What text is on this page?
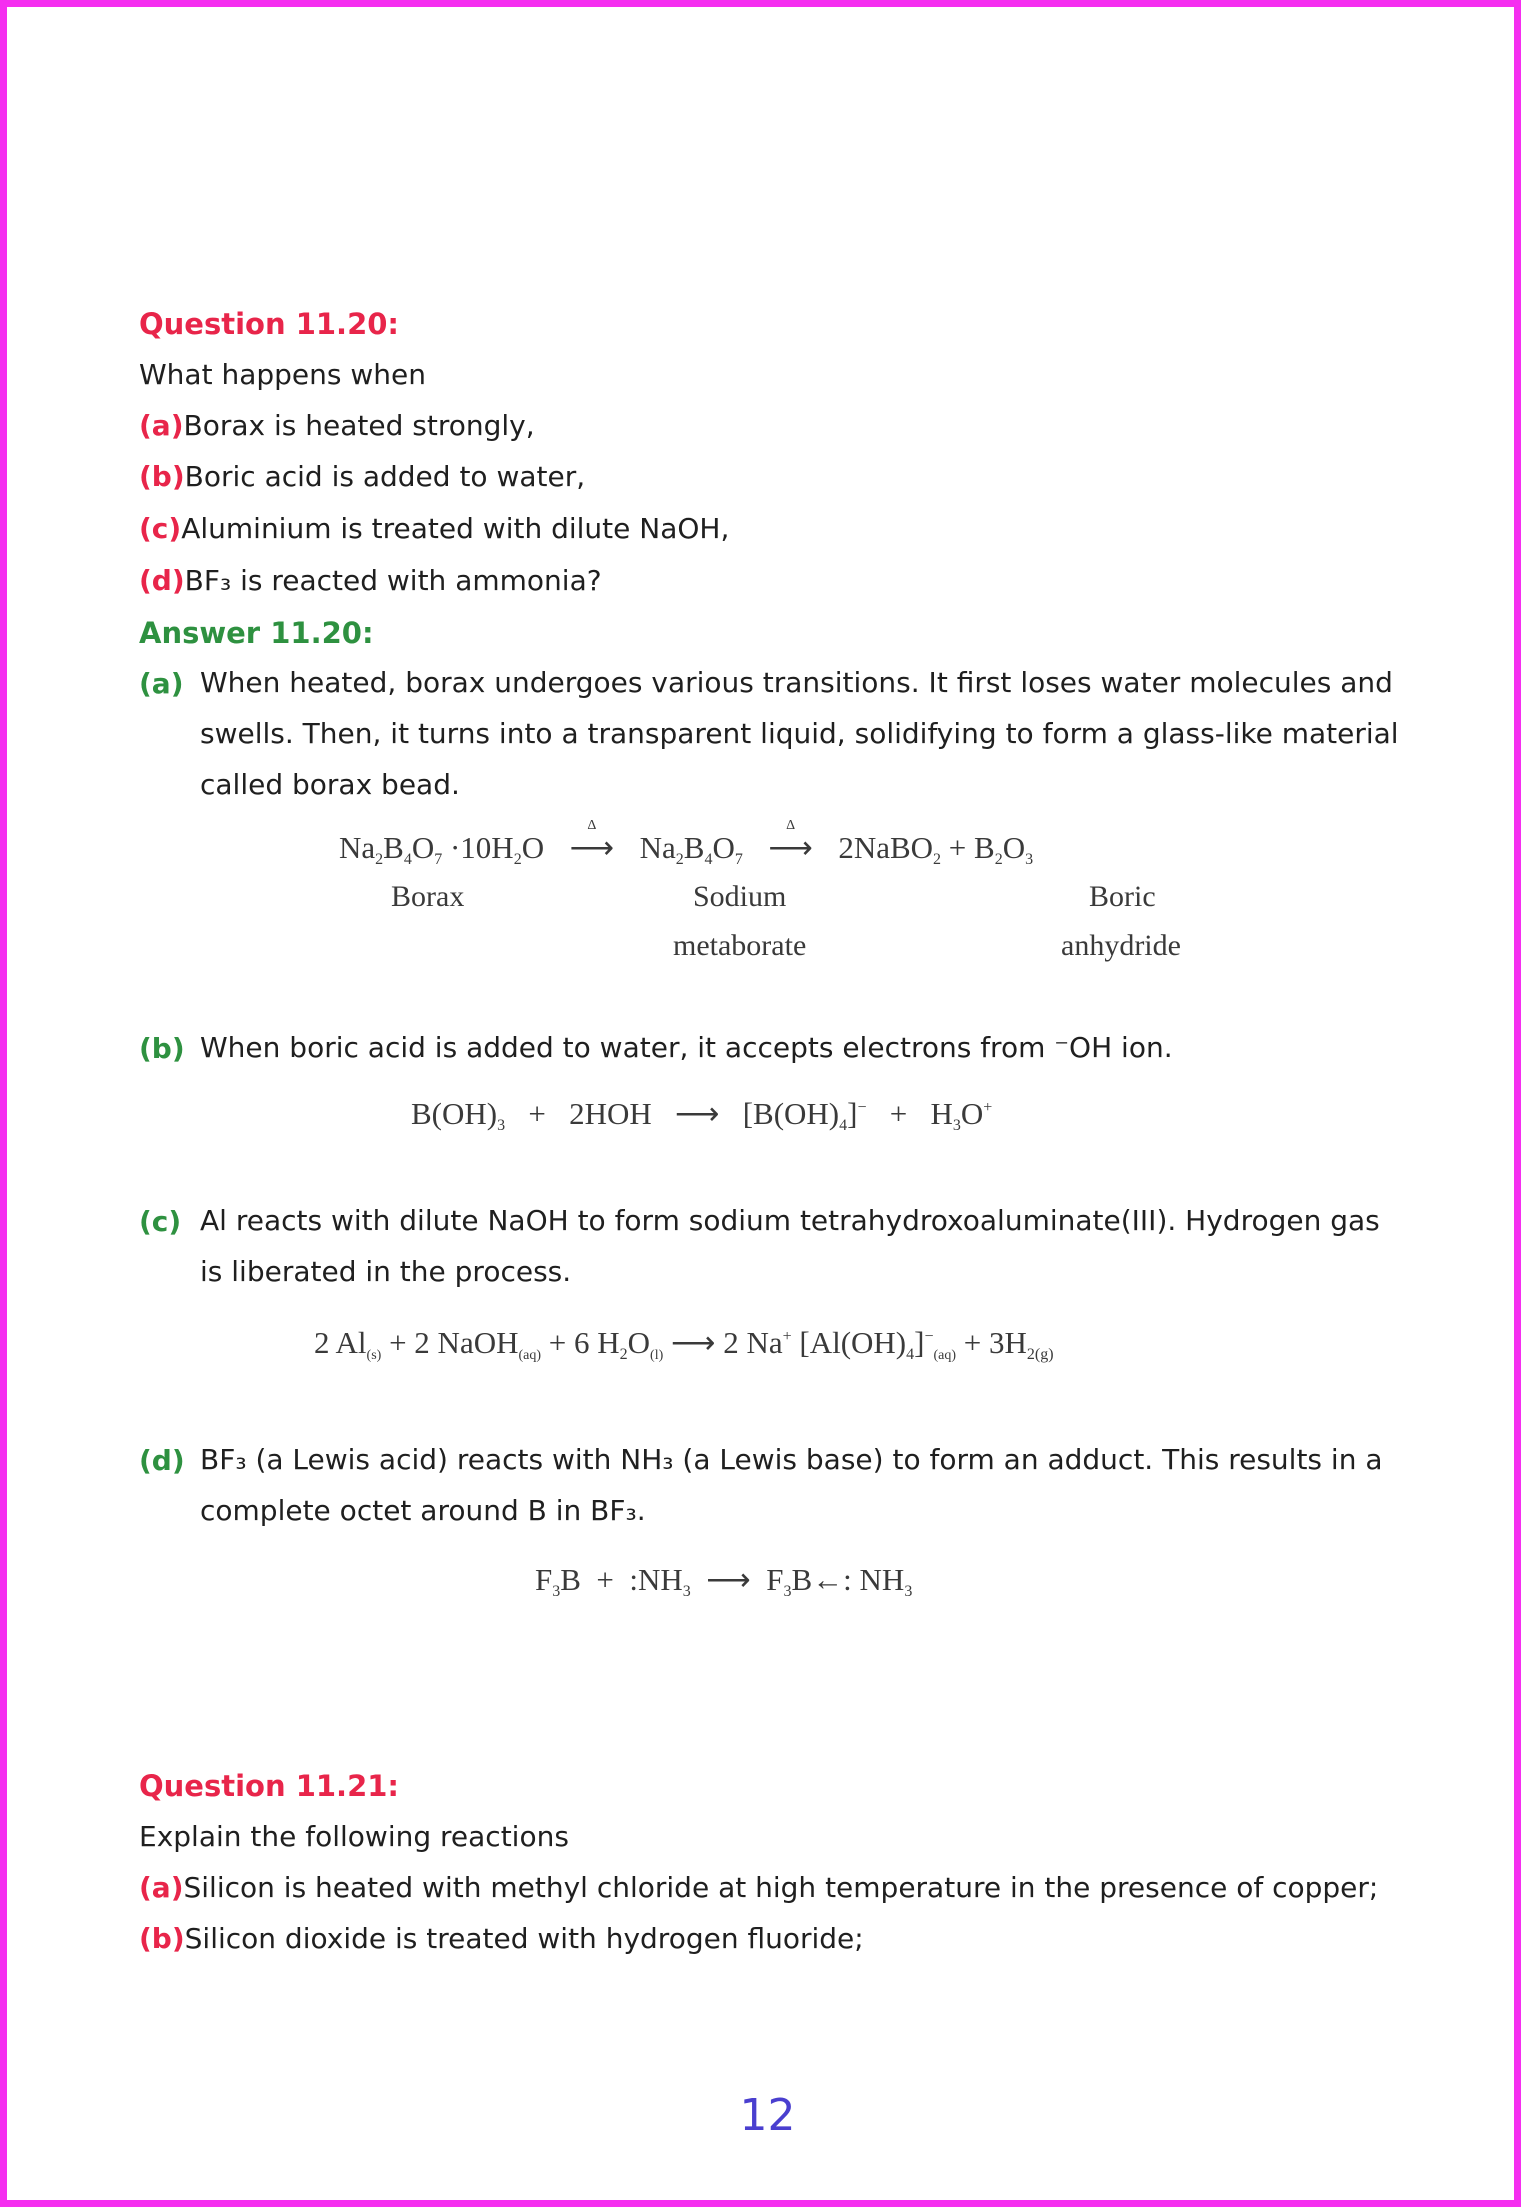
Question 11.20:
What happens when
(a)Borax is heated strongly,
(b)Boric acid is added to water,
(c)Aluminium is treated with dilute NaOH,
(d)BF₃ is reacted with ammonia?
Answer 11.20:
(a) When heated, borax undergoes various transitions. It first loses water molecules and swells. Then, it turns into a transparent liquid, solidifying to form a glass-like material called borax bead.
$Na_2B_4O_7 \cdot 10H_2O$
Δ
⟶ $Na_2B_4O_7$
Δ
⟶ 2NaBO$_2$ + $B_2O_3$
Borax	Sodium
metaborate
Boric
anhydride
(b) When boric acid is added to water, it accepts electrons from ⁻OH ion.
$B(OH)_3 + 2HOH$   ⟶   $[B(OH)_4]^- + H_3O^+$
(c) Al reacts with dilute NaOH to form sodium tetrahydroxoaluminate(III). Hydrogen gas is liberated in the process.
2 $Al_{(s)} + 2$ NaOH$_{(aq)}$ + 6 $H_2O_{(l)}$ ⟶ 2 Na+ $[Al(OH)_4]^-_{(aq)} + 3H_{2(g)}$
(d) BF₃ (a Lewis acid) reacts with NH₃ (a Lewis base) to form an adduct. This results in a complete octet around B in BF₃.
$F_3B$  +  $:NH_3$  ⟶  $F_3B\leftarrow$: $NH_3$
Question 11.21:
Explain the following reactions
(a)Silicon is heated with methyl chloride at high temperature in the presence of copper;
(b)Silicon dioxide is treated with hydrogen fluoride;
12
